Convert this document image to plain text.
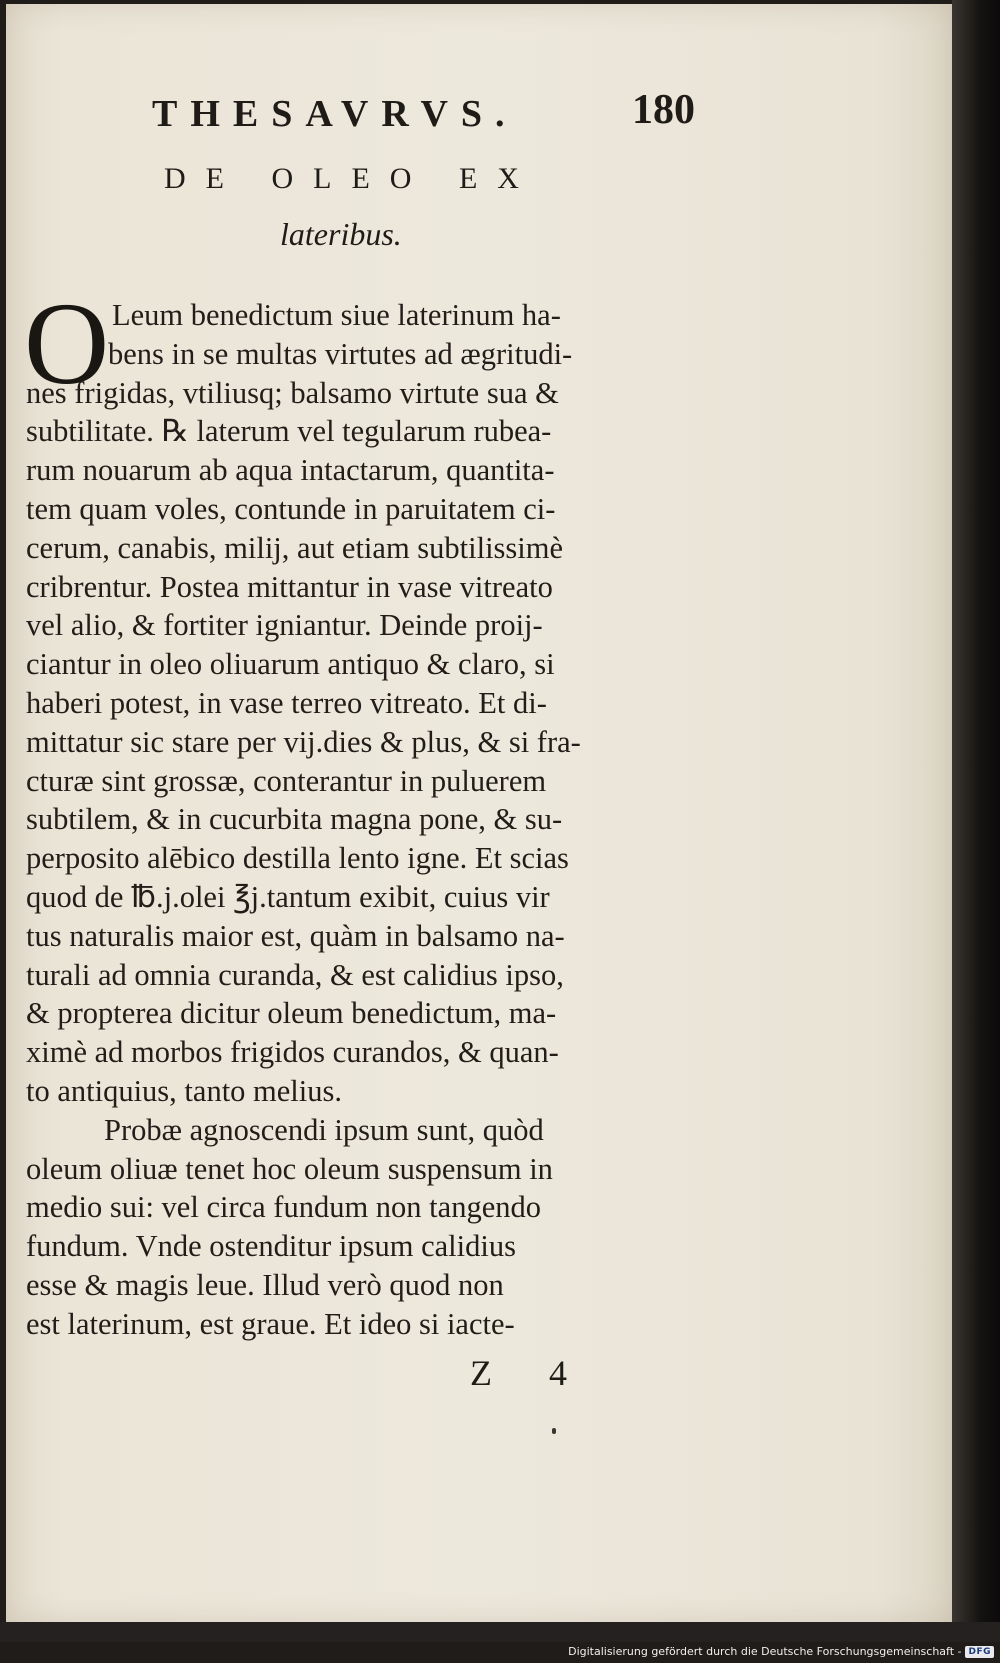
THESAVRVS.	180
DE OLEO EX
lateribus.
O Leum benedictum siue laterinum ha-
bens in se multas virtutes ad ægritudi-
nes frigidas, vtiliusq; balsamo virtute sua &
subtilitate. ℞ laterum vel tegularum rubea-
rum nouarum ab aqua intactarum, quantita-
tem quam voles, contunde in paruitatem ci-
cerum, canabis, milij, aut etiam subtilissimè
cribrentur. Postea mittantur in vase vitreato
vel alio, & fortiter igniantur. Deinde proij-
ciantur in oleo oliuarum antiquo & claro, si
haberi potest, in vase terreo vitreato. Et di-
mittatur sic stare per vij.dies & plus, & si fra-
cturæ sint grossæ, conterantur in puluerem
subtilem, & in cucurbita magna pone, & su-
perposito alēbico destilla lento igne. Et scias
quod de ℔.j.olei ℥j.tantum exibit, cuius vir
tus naturalis maior est, quàm in balsamo na-
turali ad omnia curanda, & est calidius ipso,
& propterea dicitur oleum benedictum, ma-
ximè ad morbos frigidos curandos, & quan-
to antiquius, tanto melius.
Probæ agnoscendi ipsum sunt, quòd
oleum oliuæ tenet hoc oleum suspensum in
medio sui: vel circa fundum non tangendo
fundum. Vnde ostenditur ipsum calidius
esse & magis leue. Illud verò quod non
est laterinum, est graue. Et ideo si iacte-
Z 4
Digitalisierung gefördert durch die Deutsche Forschungsgemeinschaft - DFG
